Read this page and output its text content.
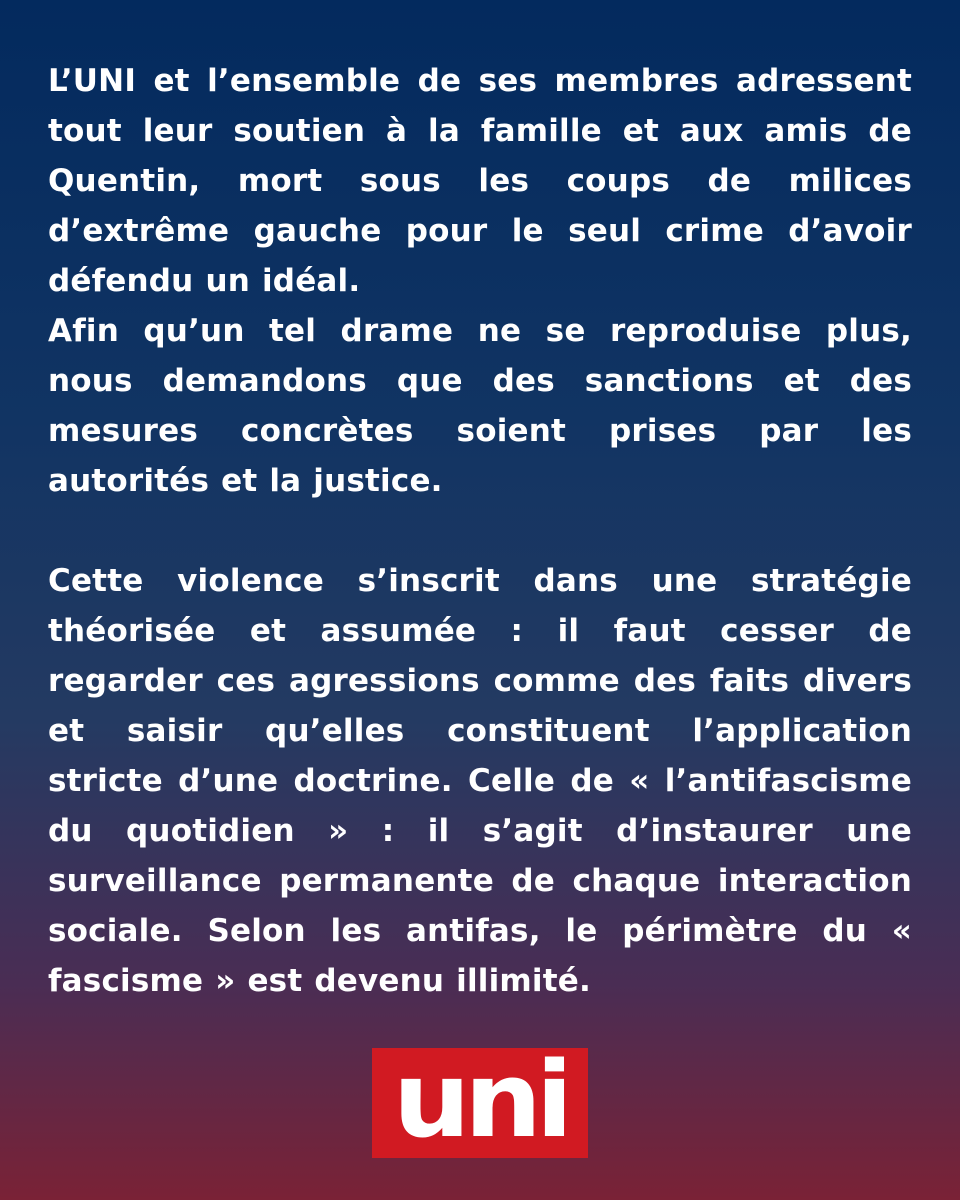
L’UNI et l’ensemble de ses membres adressent tout leur soutien à la famille et aux amis de Quentin, mort sous les coups de milices d’extrême gauche pour le seul crime d’avoir défendu un idéal.

Afin qu’un tel drame ne se reproduise plus, nous demandons que des sanctions et des mesures concrètes soient prises par les autorités et la justice.

Cette violence s’inscrit dans une stratégie théorisée et assumée : il faut cesser de regarder ces agressions comme des faits divers et saisir qu’elles constituent l’application stricte d’une doctrine. Celle de « l’antifascisme du quotidien » : il s’agit d’instaurer une surveillance permanente de chaque interaction sociale. Selon les antifas, le périmètre du « fascisme » est devenu illimité.

uni
